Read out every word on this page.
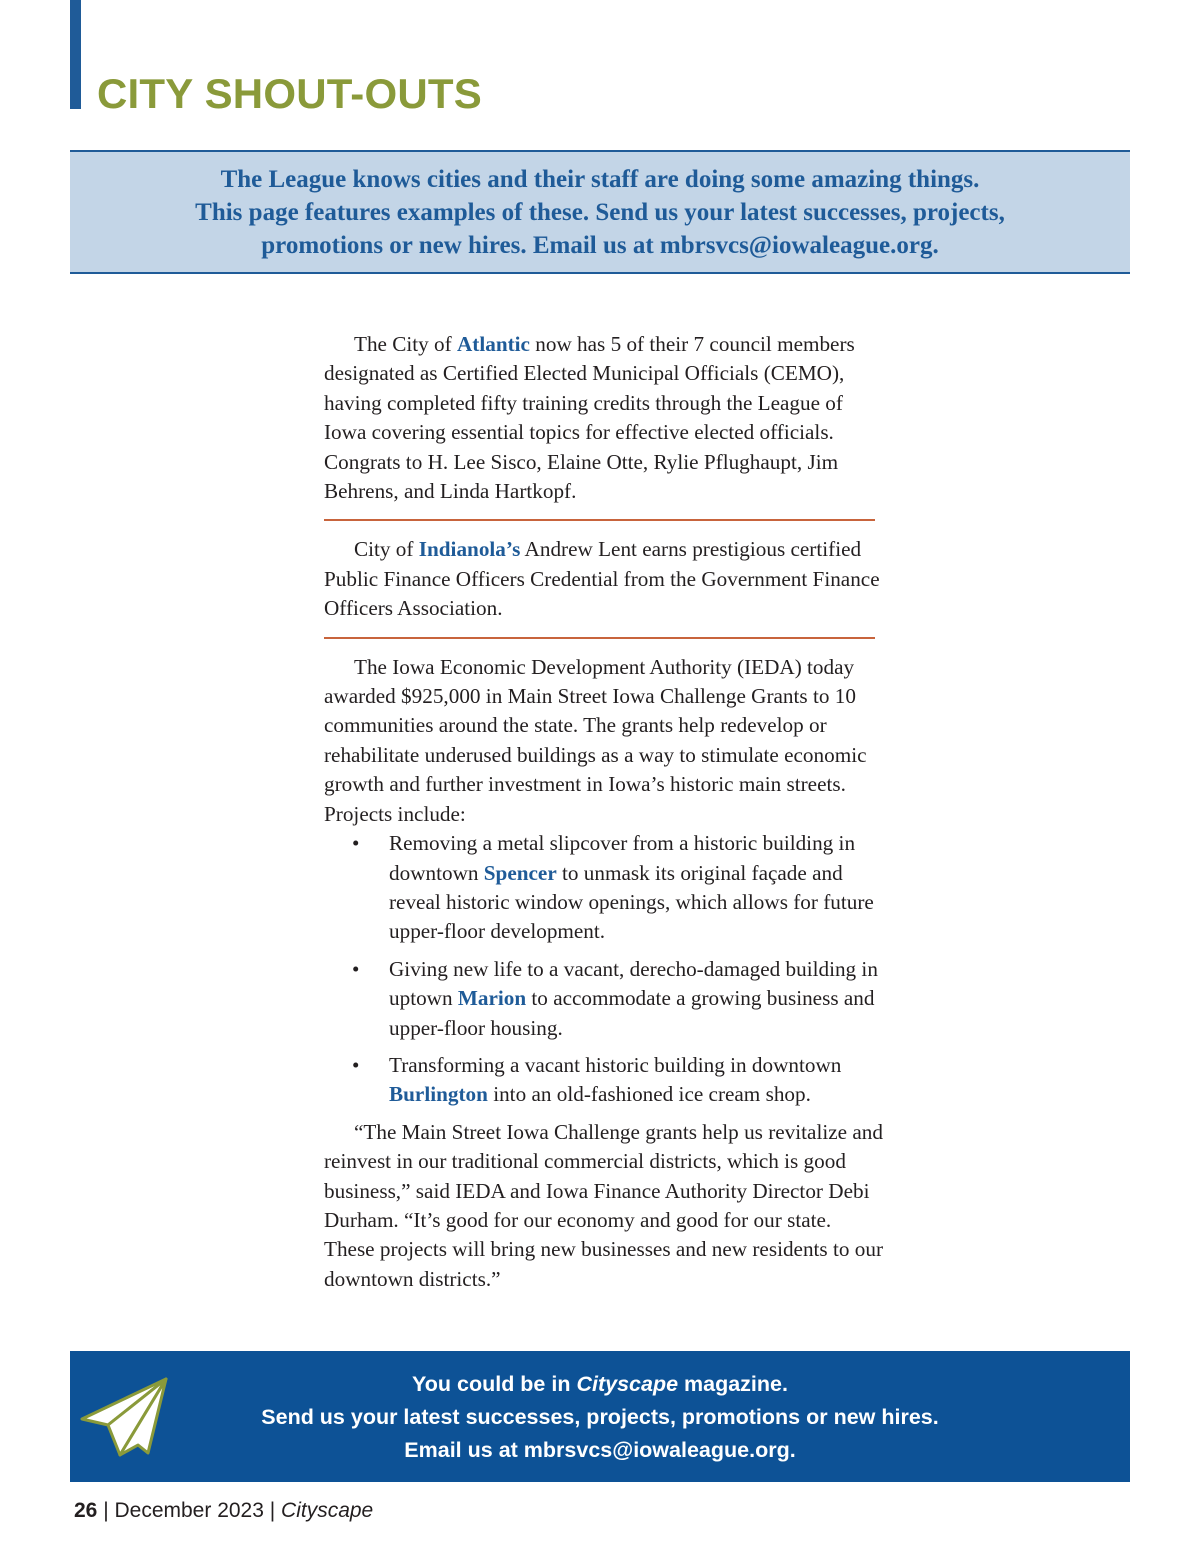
CITY SHOUT-OUTS

The League knows cities and their staff are doing some amazing things.
This page features examples of these. Send us your latest successes, projects,
promotions or new hires. Email us at mbrsvcs@iowaleague.org.

The City of Atlantic now has 5 of their 7 council members designated as Certified Elected Municipal Officials (CEMO), having completed fifty training credits through the League of Iowa covering essential topics for effective elected officials. Congrats to H. Lee Sisco, Elaine Otte, Rylie Pflughaupt, Jim Behrens, and Linda Hartkopf.

City of Indianola’s Andrew Lent earns prestigious certified Public Finance Officers Credential from the Government Finance Officers Association.

The Iowa Economic Development Authority (IEDA) today awarded $925,000 in Main Street Iowa Challenge Grants to 10 communities around the state. The grants help redevelop or rehabilitate underused buildings as a way to stimulate economic growth and further investment in Iowa’s historic main streets. Projects include:

• Removing a metal slipcover from a historic building in downtown Spencer to unmask its original façade and reveal historic window openings, which allows for future upper-floor development.
• Giving new life to a vacant, derecho-damaged building in uptown Marion to accommodate a growing business and upper-floor housing.
• Transforming a vacant historic building in downtown Burlington into an old-fashioned ice cream shop.

“The Main Street Iowa Challenge grants help us revitalize and reinvest in our traditional commercial districts, which is good business,” said IEDA and Iowa Finance Authority Director Debi Durham. “It’s good for our economy and good for our state. These projects will bring new businesses and new residents to our downtown districts.”

You could be in Cityscape magazine.
Send us your latest successes, projects, promotions or new hires.
Email us at mbrsvcs@iowaleague.org.
26 | December 2023 | Cityscape
